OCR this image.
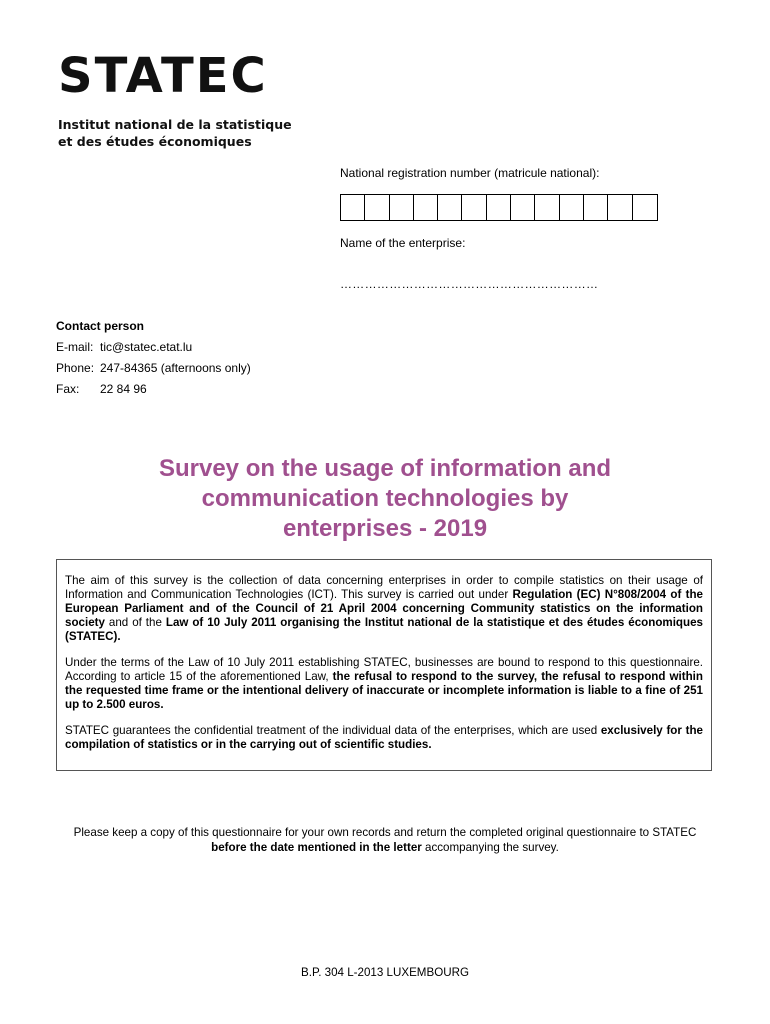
STATEC
Institut national de la statistique
et des études économiques
National registration number (matricule national):
Name of the enterprise:
………………………………………………………
Contact person
E-mail: tic@statec.etat.lu
Phone: 247-84365 (afternoons only)
Fax:	22 84 96
Survey on the usage of information and
communication technologies by
enterprises - 2019

The aim of this survey is the collection of data concerning enterprises in order to compile statistics on their usage of Information and Communication Technologies (ICT). This survey is carried out under Regulation (EC) N°808/2004 of the European Parliament and of the Council of 21 April 2004 concerning Community statistics on the information society and of the Law of 10 July 2011 organising the Institut national de la statistique et des études économiques (STATEC).

Under the terms of the Law of 10 July 2011 establishing STATEC, businesses are bound to respond to this questionnaire. According to article 15 of the aforementioned Law, the refusal to respond to the survey, the refusal to respond within the requested time frame or the intentional delivery of inaccurate or incomplete information is liable to a fine of 251 up to 2.500 euros.

STATEC guarantees the confidential treatment of the individual data of the enterprises, which are used exclusively for the compilation of statistics or in the carrying out of scientific studies.

Please keep a copy of this questionnaire for your own records and return the completed original questionnaire to STATEC before the date mentioned in the letter accompanying the survey.
B.P. 304 L-2013 LUXEMBOURG
